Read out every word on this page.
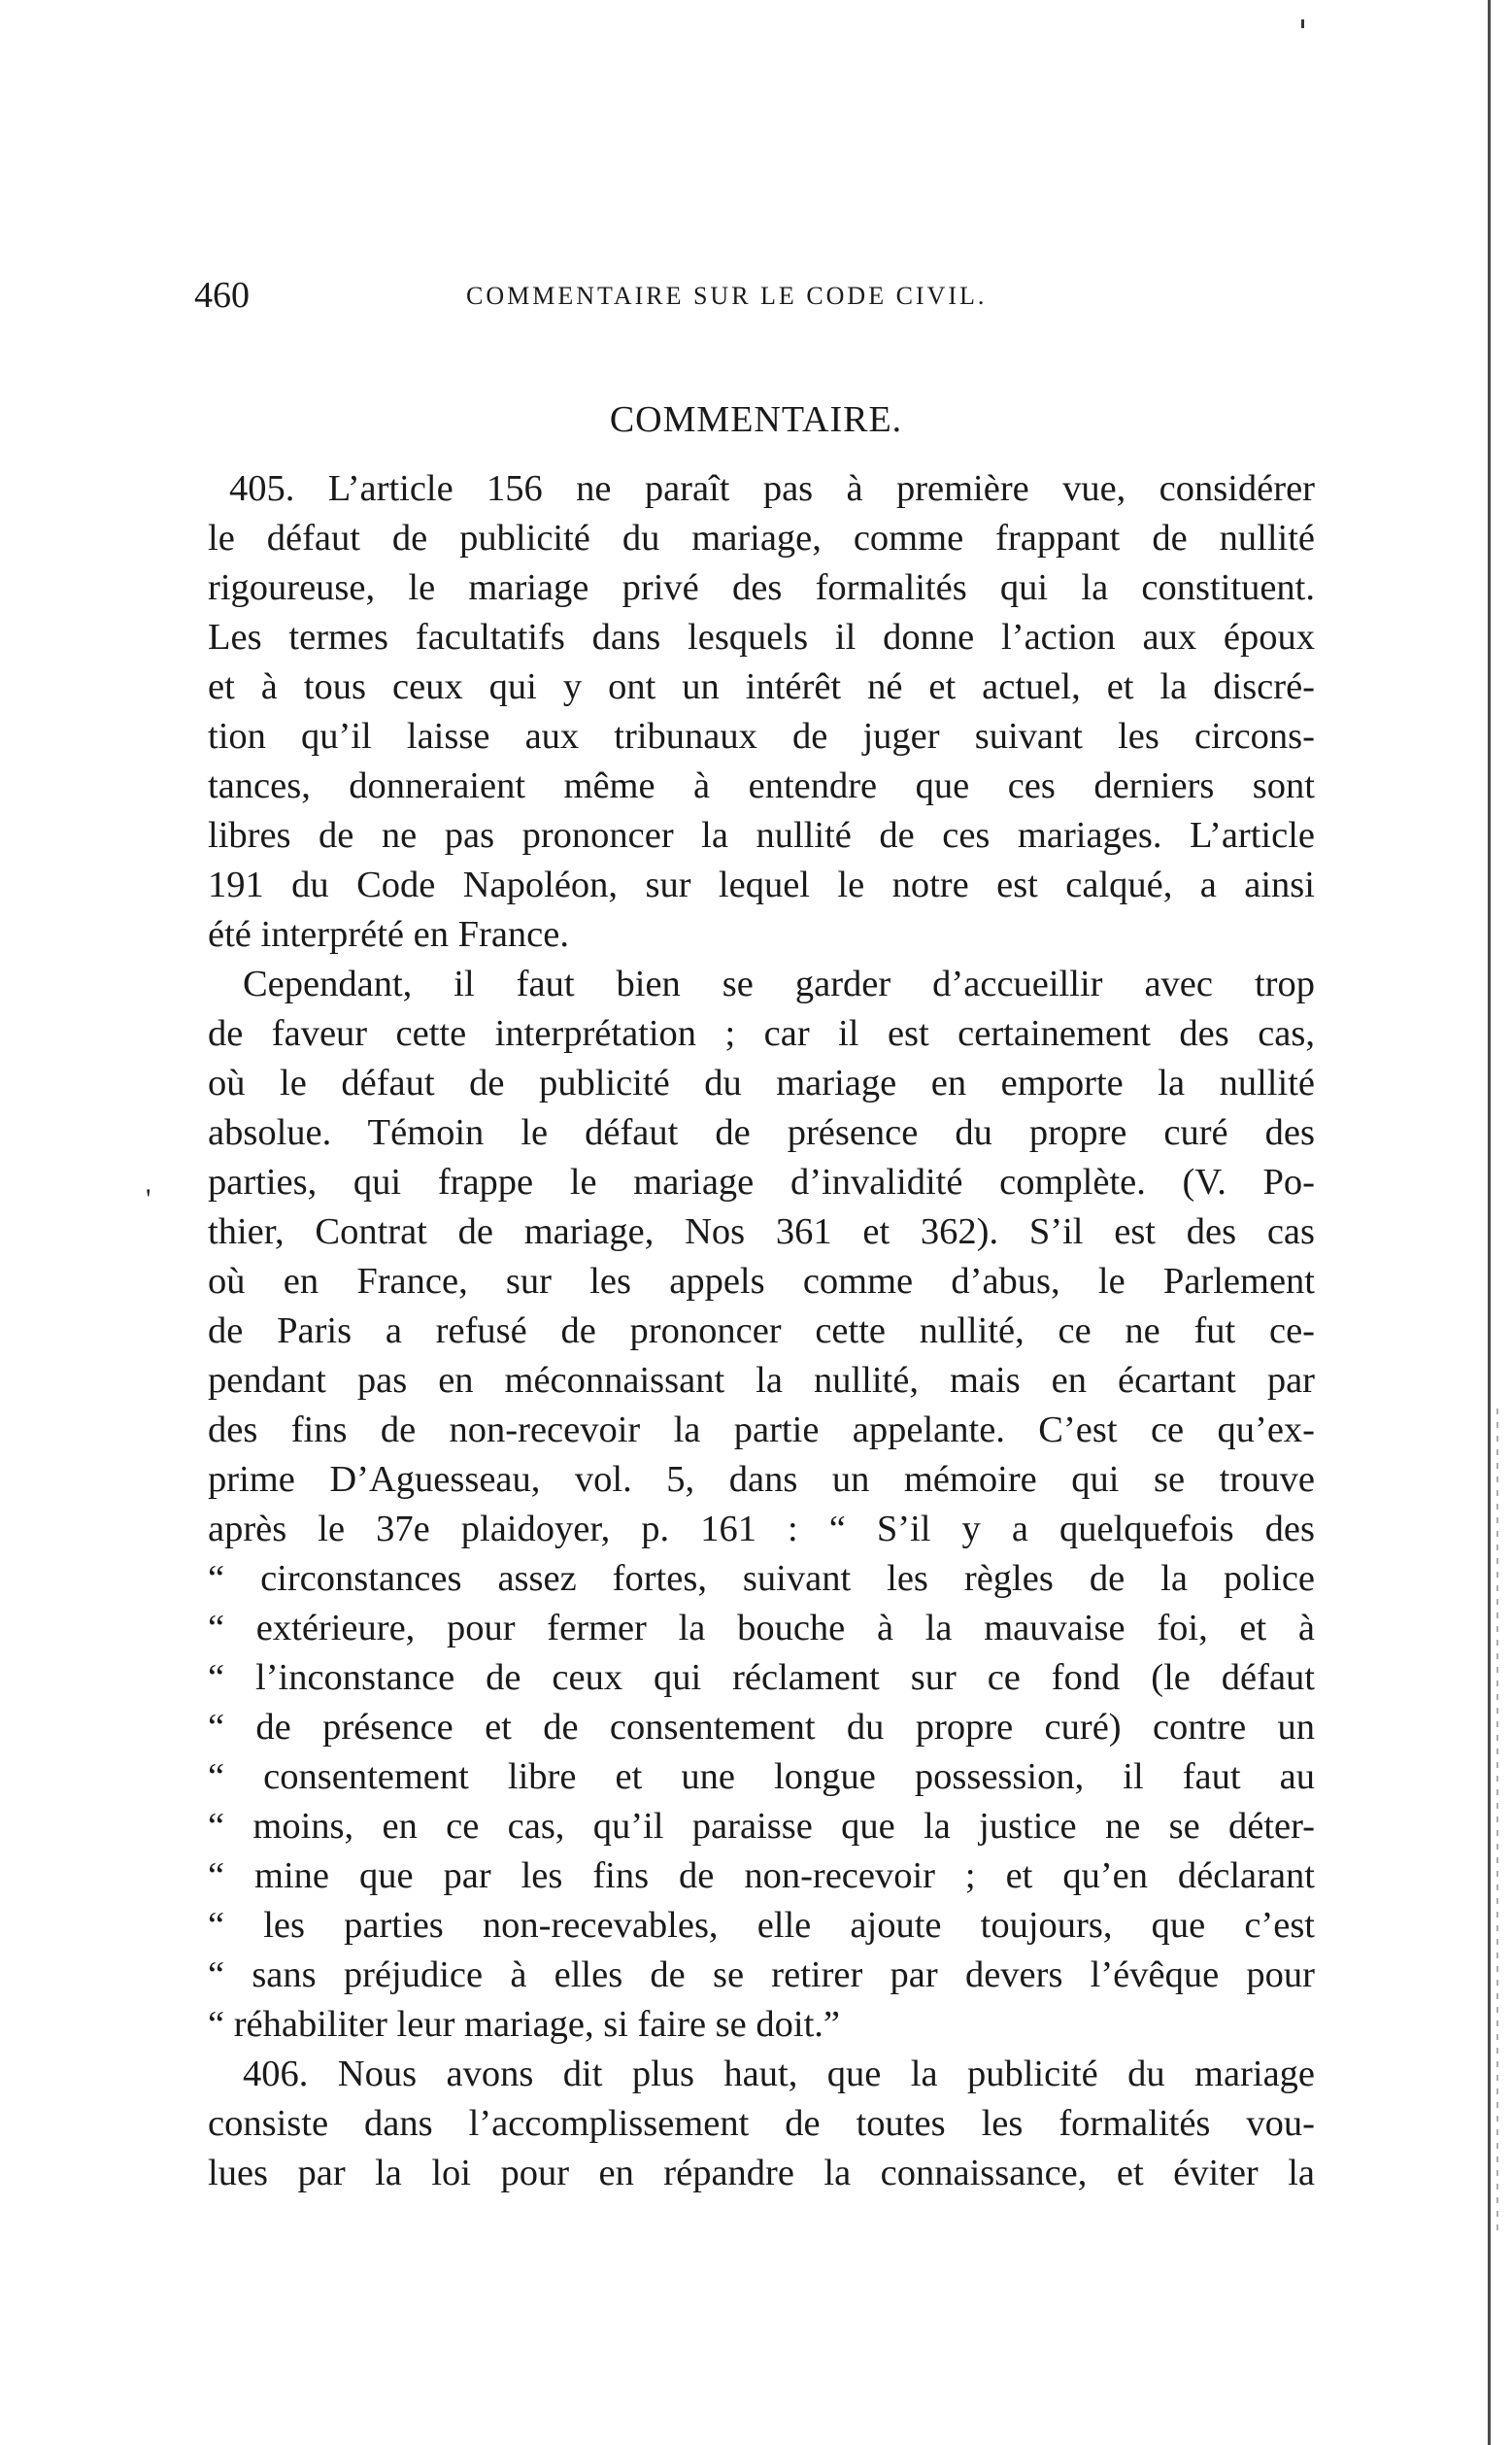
460	COMMENTAIRE SUR LE CODE CIVIL.
COMMENTAIRE.
'
405. L’article 156 ne paraît pas à première vue, considérer
le défaut de publicité du mariage, comme frappant de nullité
rigoureuse, le mariage privé des formalités qui la constituent.
Les termes facultatifs dans lesquels il donne l’action aux époux
et à tous ceux qui y ont un intérêt né et actuel, et la discré-
tion qu’il laisse aux tribunaux de juger suivant les circons-
tances, donneraient même à entendre que ces derniers sont
libres de ne pas prononcer la nullité de ces mariages. L’article
191 du Code Napoléon, sur lequel le notre est calqué, a ainsi
été interprété en France.
Cependant, il faut bien se garder d’accueillir avec trop
de faveur cette interprétation ; car il est certainement des cas,
où le défaut de publicité du mariage en emporte la nullité
absolue. Témoin le défaut de présence du propre curé des
parties, qui frappe le mariage d’invalidité complète. (V. Po-
thier, Contrat de mariage, Nos 361 et 362). S’il est des cas
où en France, sur les appels comme d’abus, le Parlement
de Paris a refusé de prononcer cette nullité, ce ne fut ce-
pendant pas en méconnaissant la nullité, mais en écartant par
des fins de non-recevoir la partie appelante. C’est ce qu’ex-
prime D’Aguesseau, vol. 5, dans un mémoire qui se trouve
après le 37e plaidoyer, p. 161 : “ S’il y a quelquefois des
“ circonstances assez fortes, suivant les règles de la police
“ extérieure, pour fermer la bouche à la mauvaise foi, et à
“ l’inconstance de ceux qui réclament sur ce fond (le défaut
“ de présence et de consentement du propre curé) contre un
“ consentement libre et une longue possession, il faut au
“ moins, en ce cas, qu’il paraisse que la justice ne se déter-
“ mine que par les fins de non-recevoir ; et qu’en déclarant
“ les parties non-recevables, elle ajoute toujours, que c’est
“ sans préjudice à elles de se retirer par devers l’évêque pour
“ réhabiliter leur mariage, si faire se doit.”
406. Nous avons dit plus haut, que la publicité du mariage
consiste dans l’accomplissement de toutes les formalités vou-
lues par la loi pour en répandre la connaissance, et éviter la
